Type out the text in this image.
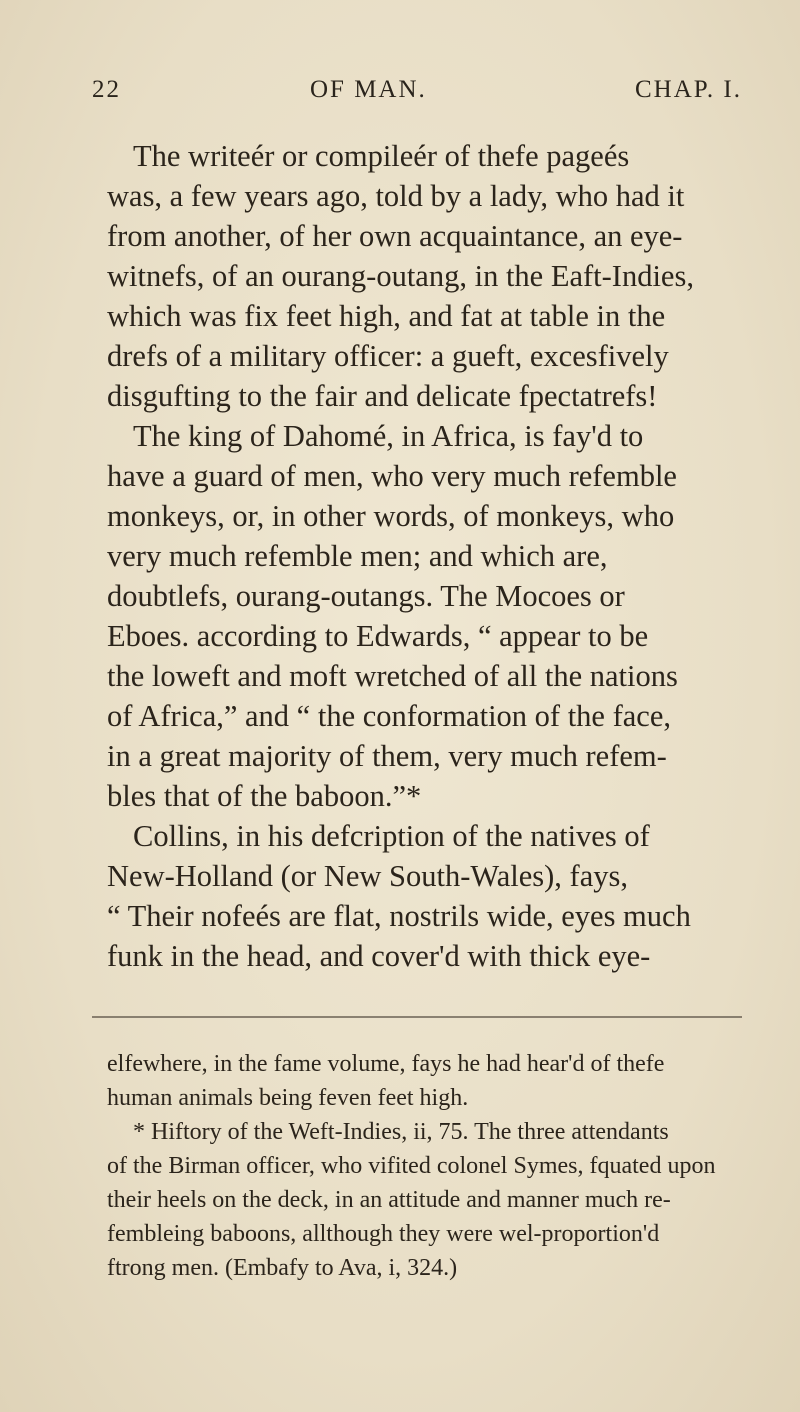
22	OF MAN.	CHAP. I.
The writeér or compileér of thefe pageés
was, a few years ago, told by a lady, who had it
from another, of her own acquaintance, an eye-
witnefs, of an ourang-outang, in the Eaft-Indies,
which was fix feet high, and fat at table in the
drefs of a military officer: a gueft, excesfively
disgufting to the fair and delicate fpectatrefs!
The king of Dahomé, in Africa, is fay'd to
have a guard of men, who very much refemble
monkeys, or, in other words, of monkeys, who
very much refemble men; and which are,
doubtlefs, ourang-outangs. The Mocoes or
Eboes. according to Edwards, “ appear to be
the loweft and moft wretched of all the nations
of Africa,” and “ the conformation of the face,
in a great majority of them, very much refem-
bles that of the baboon.”*
Collins, in his defcription of the natives of
New-Holland (or New South-Wales), fays,
“ Their nofeés are flat, nostrils wide, eyes much
funk in the head, and cover'd with thick eye-
elfewhere, in the fame volume, fays he had hear'd of thefe
human animals being feven feet high.
* Hiftory of the Weft-Indies, ii, 75. The three attendants
of the Birman officer, who vifited colonel Symes, fquated upon
their heels on the deck, in an attitude and manner much re-
fembleing baboons, allthough they were wel-proportion'd
ftrong men. (Embafy to Ava, i, 324.)
